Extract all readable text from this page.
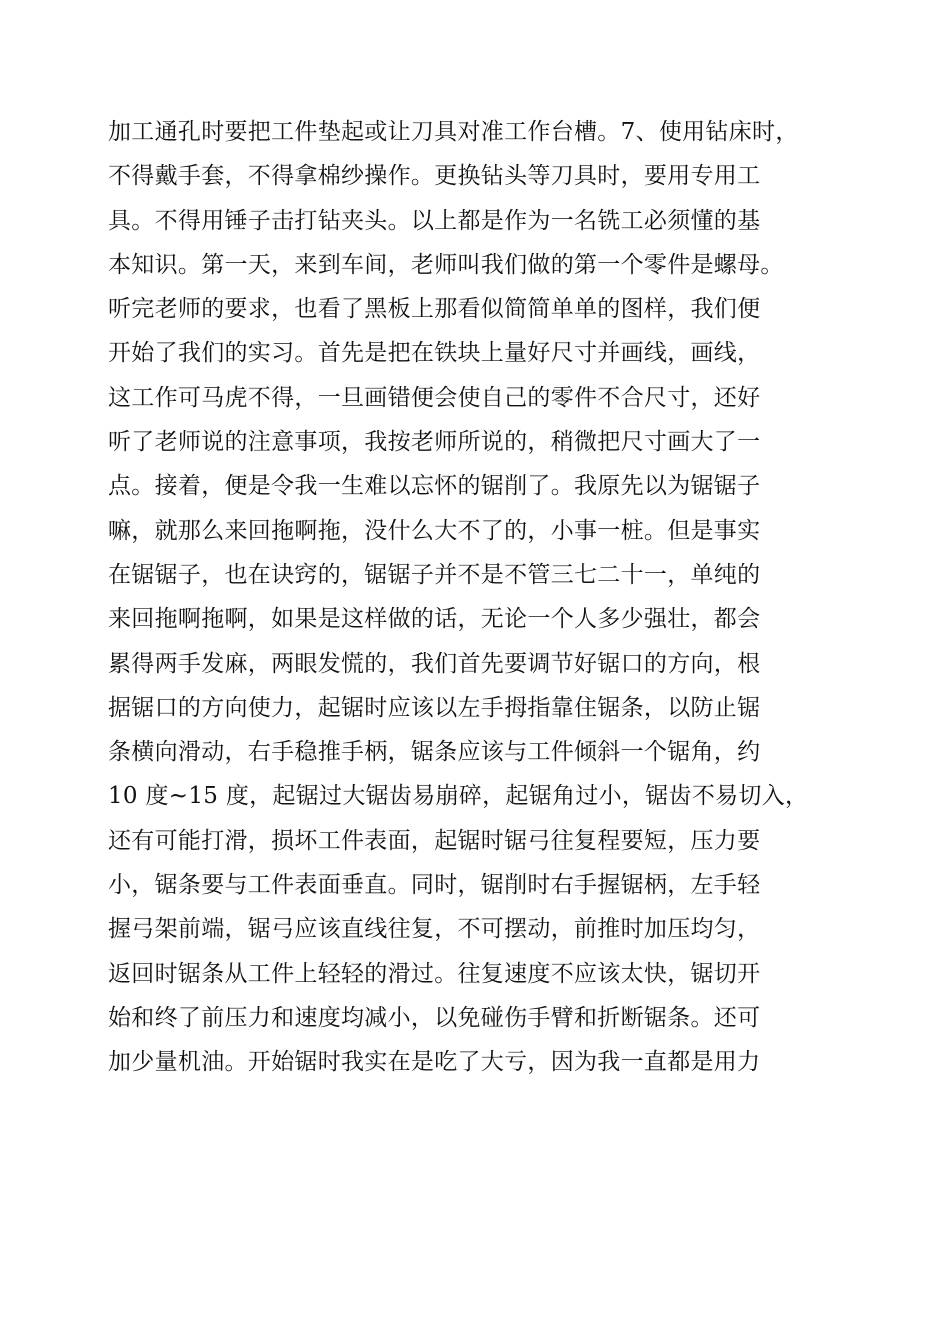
加工通孔时要把工件垫起或让刀具对准工作台槽。7、使用钻床时，
不得戴手套，不得拿棉纱操作。更换钻头等刀具时，要用专用工
具。不得用锤子击打钻夹头。以上都是作为一名铣工必须懂的基
本知识。第一天，来到车间，老师叫我们做的第一个零件是螺母。
听完老师的要求，也看了黑板上那看似简简单单的图样，我们便
开始了我们的实习。首先是把在铁块上量好尺寸并画线，画线，
这工作可马虎不得，一旦画错便会使自己的零件不合尺寸，还好
听了老师说的注意事项，我按老师所说的，稍微把尺寸画大了一
点。接着，便是令我一生难以忘怀的锯削了。我原先以为锯锯子
嘛，就那么来回拖啊拖，没什么大不了的，小事一桩。但是事实
在锯锯子，也在诀窍的，锯锯子并不是不管三七二十一，单纯的
来回拖啊拖啊，如果是这样做的话，无论一个人多少强壮，都会
累得两手发麻，两眼发慌的，我们首先要调节好锯口的方向，根
据锯口的方向使力，起锯时应该以左手拇指靠住锯条，以防止锯
条横向滑动，右手稳推手柄，锯条应该与工件倾斜一个锯角，约
10 度~15 度，起锯过大锯齿易崩碎，起锯角过小，锯齿不易切入，
还有可能打滑，损坏工件表面，起锯时锯弓往复程要短，压力要
小，锯条要与工件表面垂直。同时，锯削时右手握锯柄，左手轻
握弓架前端，锯弓应该直线往复，不可摆动，前推时加压均匀，
返回时锯条从工件上轻轻的滑过。往复速度不应该太快，锯切开
始和终了前压力和速度均减小，以免碰伤手臂和折断锯条。还可
加少量机油。开始锯时我实在是吃了大亏，因为我一直都是用力
